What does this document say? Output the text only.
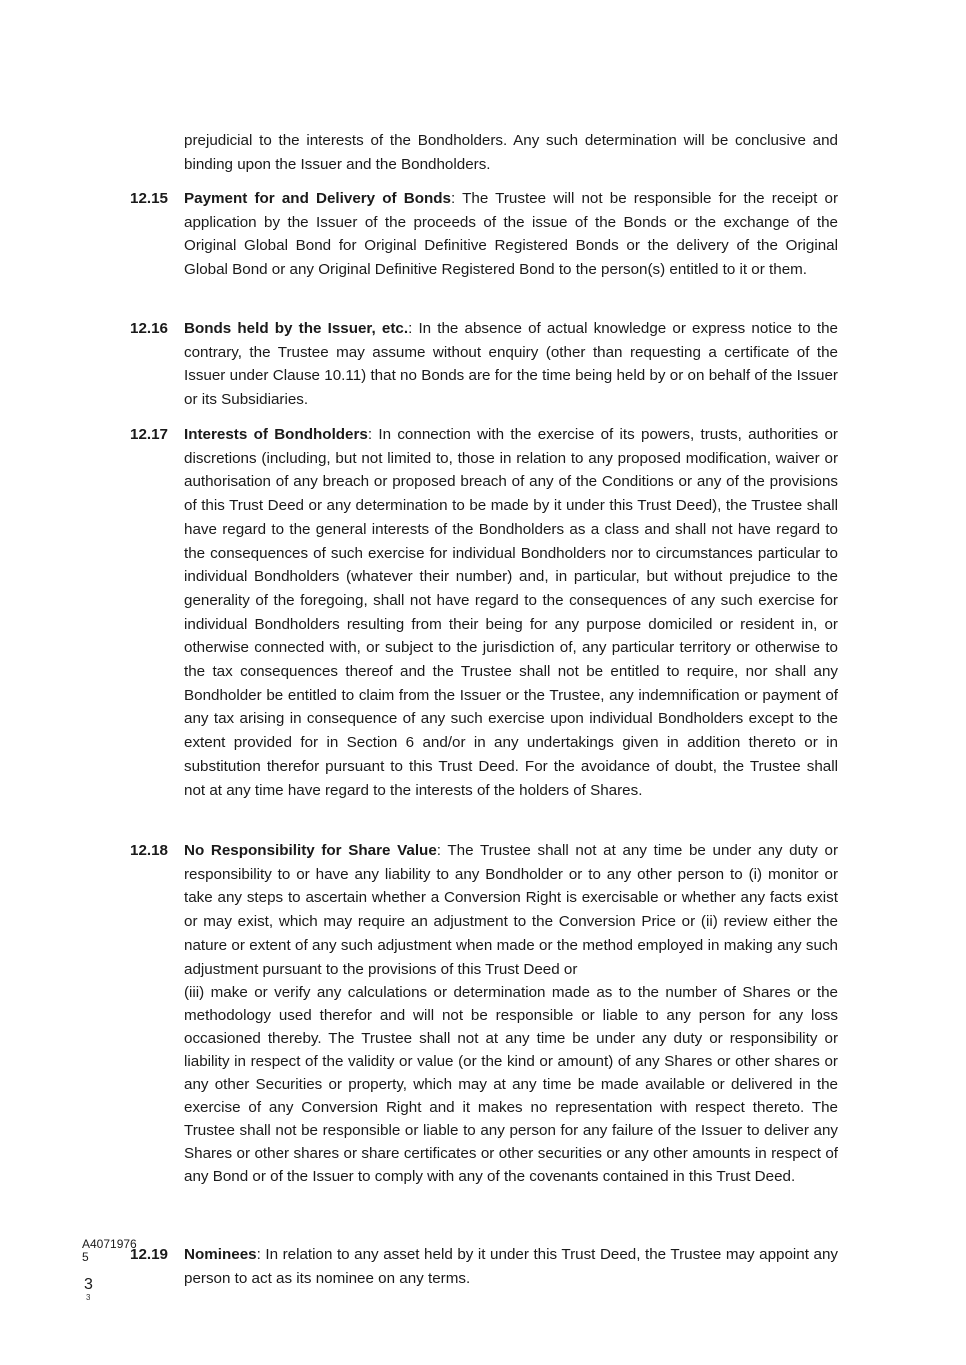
prejudicial to the interests of the Bondholders. Any such determination will be conclusive and binding upon the Issuer and the Bondholders.

12.15 Payment for and Delivery of Bonds: The Trustee will not be responsible for the receipt or application by the Issuer of the proceeds of the issue of the Bonds or the exchange of the Original Global Bond for Original Definitive Registered Bonds or the delivery of the Original Global Bond or any Original Definitive Registered Bond to the person(s) entitled to it or them.
12.16 Bonds held by the Issuer, etc.: In the absence of actual knowledge or express notice to the contrary, the Trustee may assume without enquiry (other than requesting a certificate of the Issuer under Clause 10.11) that no Bonds are for the time being held by or on behalf of the Issuer or its Subsidiaries.
12.17 Interests of Bondholders: In connection with the exercise of its powers, trusts, authorities or discretions (including, but not limited to, those in relation to any proposed modification, waiver or authorisation of any breach or proposed breach of any of the Conditions or any of the provisions of this Trust Deed or any determination to be made by it under this Trust Deed), the Trustee shall have regard to the general interests of the Bondholders as a class and shall not have regard to the consequences of such exercise for individual Bondholders nor to circumstances particular to individual Bondholders (whatever their number) and, in particular, but without prejudice to the generality of the foregoing, shall not have regard to the consequences of any such exercise for individual Bondholders resulting from their being for any purpose domiciled or resident in, or otherwise connected with, or subject to the jurisdiction of, any particular territory or otherwise to the tax consequences thereof and the Trustee shall not be entitled to require, nor shall any Bondholder be entitled to claim from the Issuer or the Trustee, any indemnification or payment of any tax arising in consequence of any such exercise upon individual Bondholders except to the extent provided for in Section 6 and/or in any undertakings given in addition thereto or in substitution therefor pursuant to this Trust Deed. For the avoidance of doubt, the Trustee shall not at any time have regard to the interests of the holders of Shares.
12.18 No Responsibility for Share Value: The Trustee shall not at any time be under any duty or responsibility to or have any liability to any Bondholder or to any other person to (i) monitor or take any steps to ascertain whether a Conversion Right is exercisable or whether any facts exist or may exist, which may require an adjustment to the Conversion Price or (ii) review either the nature or extent of any such adjustment when made or the method employed in making any such adjustment pursuant to the provisions of this Trust Deed or
(iii) make or verify any calculations or determination made as to the number of Shares or the methodology used therefor and will not be responsible or liable to any person for any loss occasioned thereby. The Trustee shall not at any time be under any duty or responsibility or liability in respect of the validity or value (or the kind or amount) of any Shares or other shares or any other Securities or property, which may at any time be made available or delivered in the exercise of any Conversion Right and it makes no representation with respect thereto. The Trustee shall not be responsible or liable to any person for any failure of the Issuer to deliver any Shares or other shares or share certificates or other securities or any other amounts in respect of any Bond or of the Issuer to comply with any of the covenants contained in this Trust Deed.
12.19 Nominees: In relation to any asset held by it under this Trust Deed, the Trustee may appoint any person to act as its nominee on any terms.
A40719765
3
3
